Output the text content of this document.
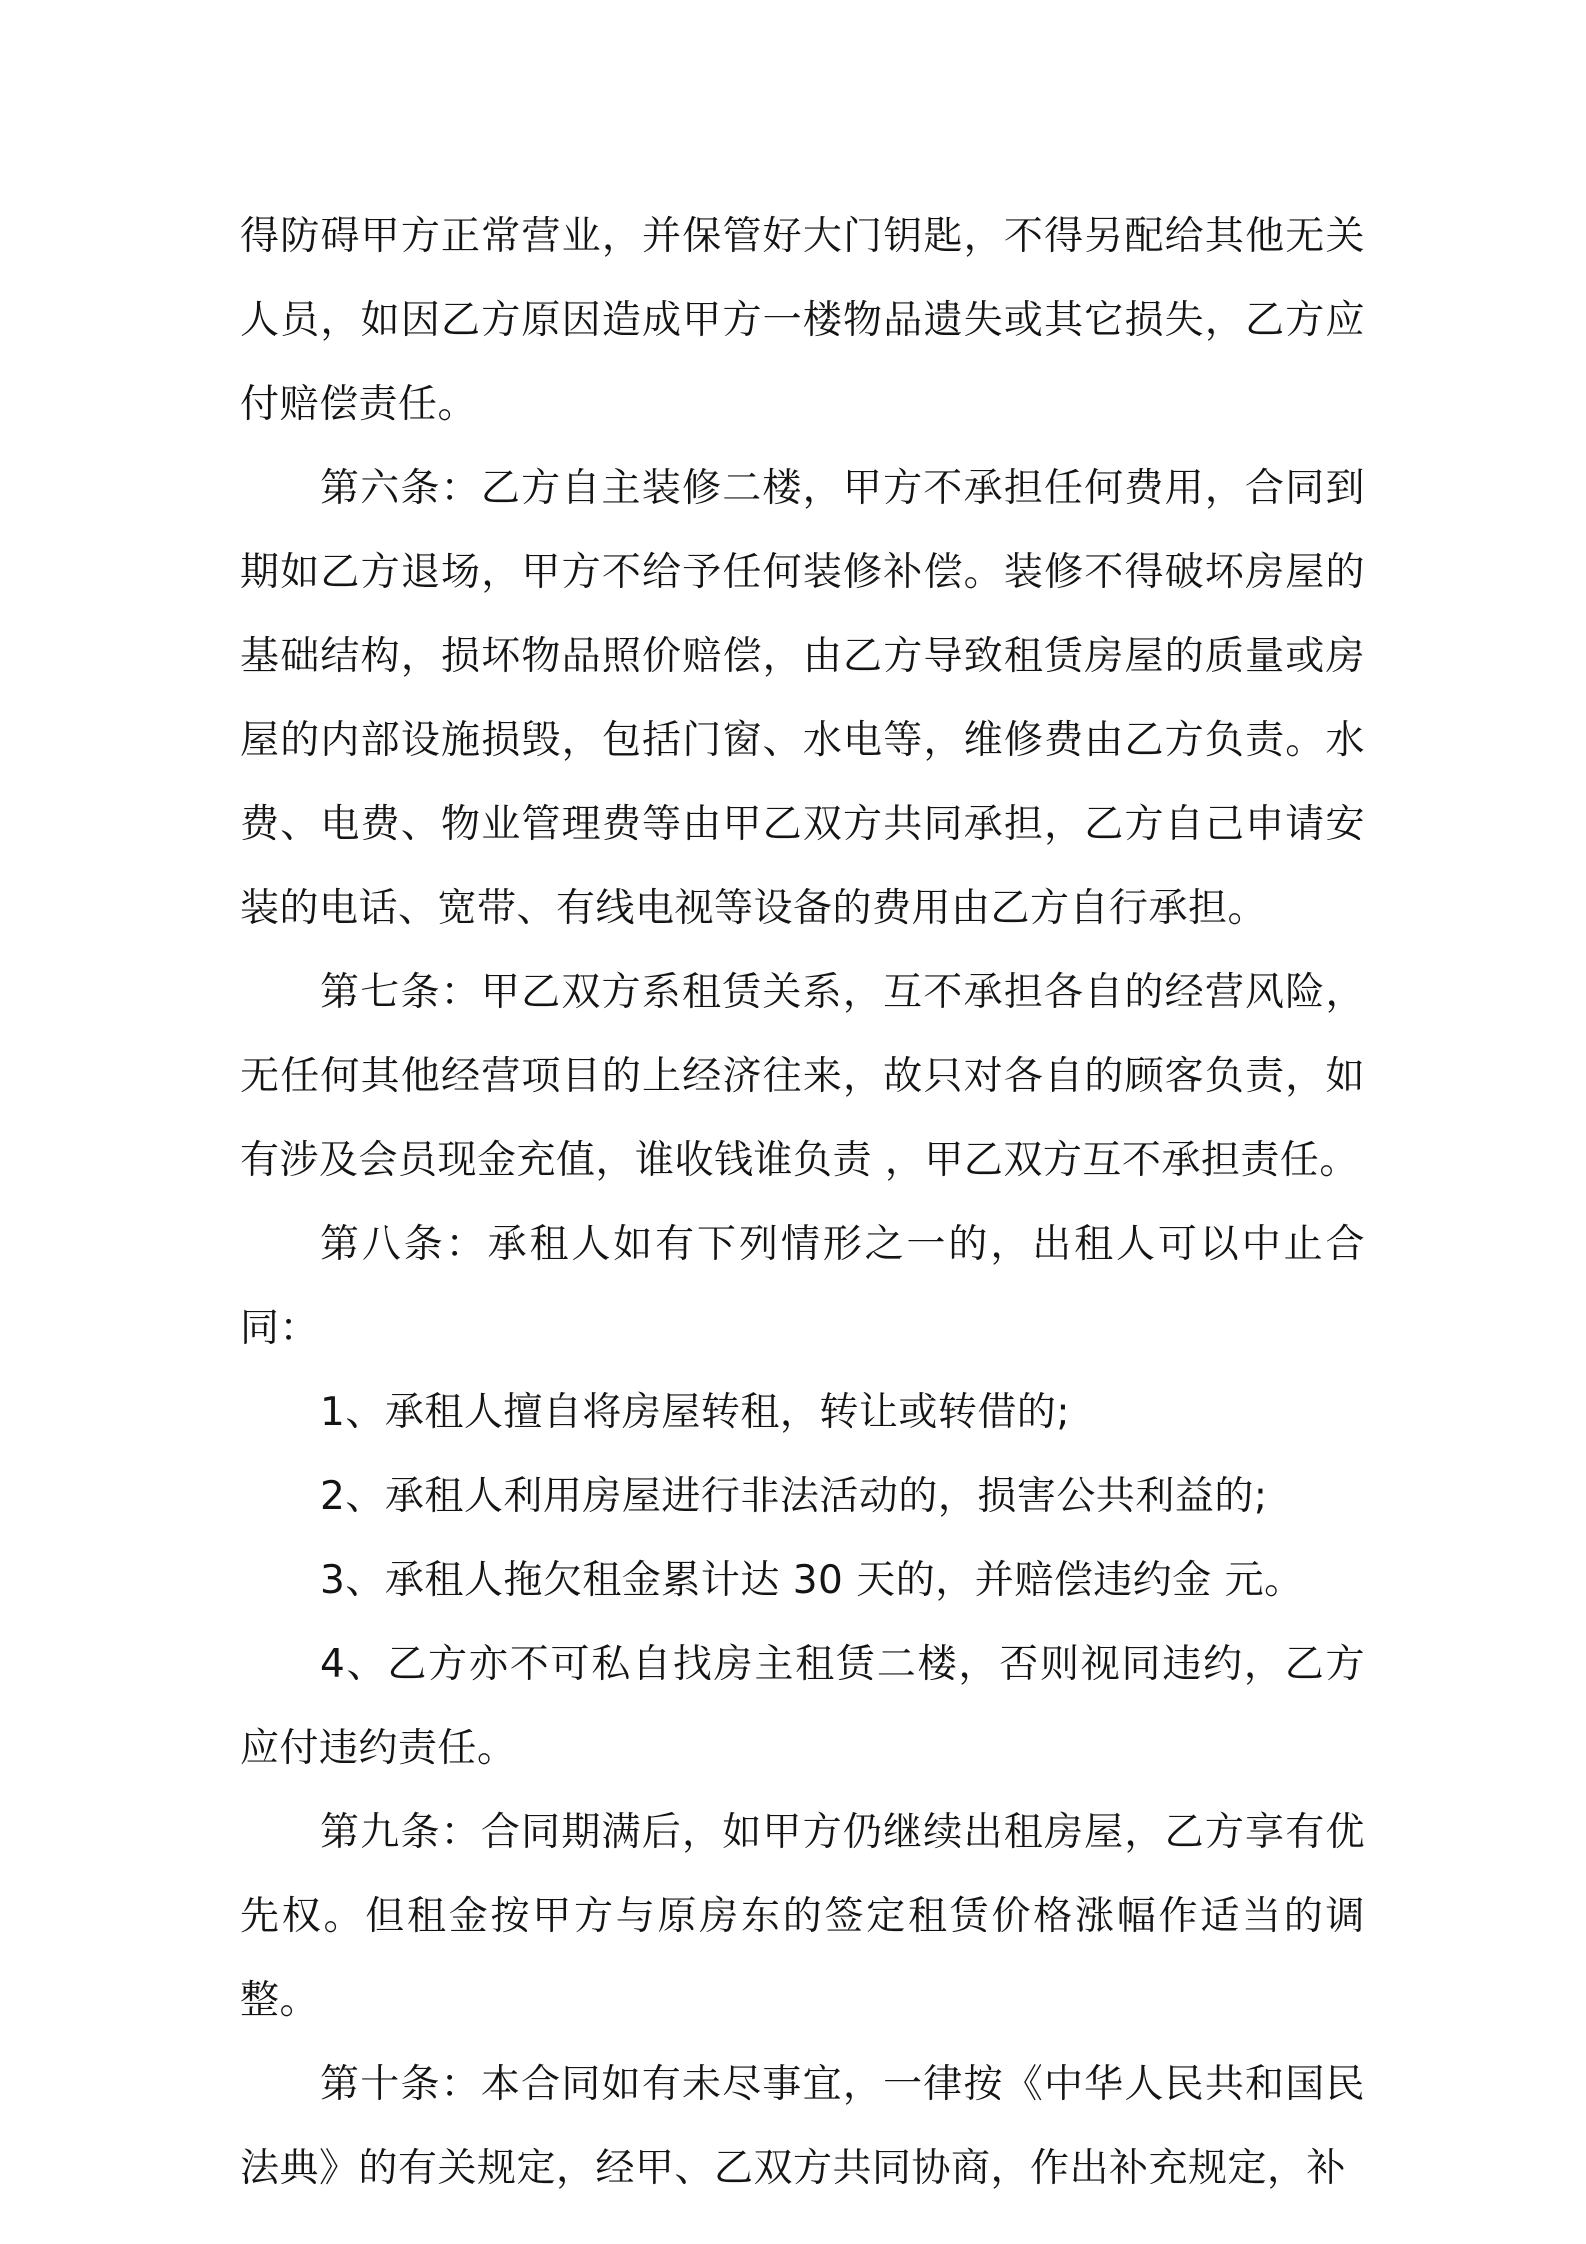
得防碍甲方正常营业，并保管好大门钥匙，不得另配给其他无关人员，如因乙方原因造成甲方一楼物品遗失或其它损失，乙方应付赔偿责任。

第六条：乙方自主装修二楼，甲方不承担任何费用，合同到期如乙方退场，甲方不给予任何装修补偿。装修不得破坏房屋的基础结构，损坏物品照价赔偿，由乙方导致租赁房屋的质量或房屋的内部设施损毁，包括门窗、水电等，维修费由乙方负责。水费、电费、物业管理费等由甲乙双方共同承担，乙方自己申请安装的电话、宽带、有线电视等设备的费用由乙方自行承担。

第七条：甲乙双方系租赁关系，互不承担各自的经营风险，无任何其他经营项目的上经济往来，故只对各自的顾客负责，如有涉及会员现金充值，谁收钱谁负责 ，甲乙双方互不承担责任。

第八条：承租人如有下列情形之一的，出租人可以中止合同：

1、承租人擅自将房屋转租，转让或转借的;

2、承租人利用房屋进行非法活动的，损害公共利益的;

3、承租人拖欠租金累计达 30 天的，并赔偿违约金 元。

4、乙方亦不可私自找房主租赁二楼，否则视同违约，乙方应付违约责任。

第九条：合同期满后，如甲方仍继续出租房屋，乙方享有优先权。但租金按甲方与原房东的签定租赁价格涨幅作适当的调整。

第十条：本合同如有未尽事宜，一律按《中华人民共和国民法典》的有关规定，经甲、乙双方共同协商，作出补充规定，补
